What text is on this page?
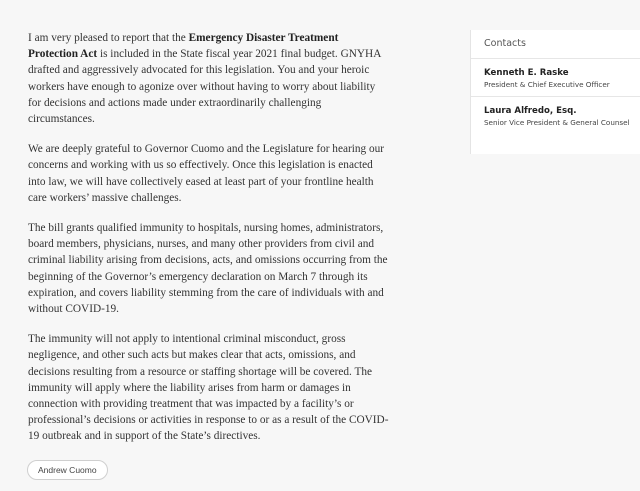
I am very pleased to report that the Emergency Disaster Treatment Protection Act is included in the State fiscal year 2021 final budget. GNYHA drafted and aggressively advocated for this legislation. You and your heroic workers have enough to agonize over without having to worry about liability for decisions and actions made under extraordinarily challenging circumstances.

We are deeply grateful to Governor Cuomo and the Legislature for hearing our concerns and working with us so effectively. Once this legislation is enacted into law, we will have collectively eased at least part of your frontline health care workers’ massive challenges.

The bill grants qualified immunity to hospitals, nursing homes, administrators, board members, physicians, nurses, and many other providers from civil and criminal liability arising from decisions, acts, and omissions occurring from the beginning of the Governor’s emergency declaration on March 7 through its expiration, and covers liability stemming from the care of individuals with and without COVID-19.

The immunity will not apply to intentional criminal misconduct, gross negligence, and other such acts but makes clear that acts, omissions, and decisions resulting from a resource or staffing shortage will be covered. The immunity will apply where the liability arises from harm or damages in connection with providing treatment that was impacted by a facility’s or professional’s decisions or activities in response to or as a result of the COVID-19 outbreak and in support of the State’s directives.

Andrew Cuomo
Contacts
Kenneth E. Raske
President & Chief Executive Officer
Laura Alfredo, Esq.
Senior Vice President & General Counsel
